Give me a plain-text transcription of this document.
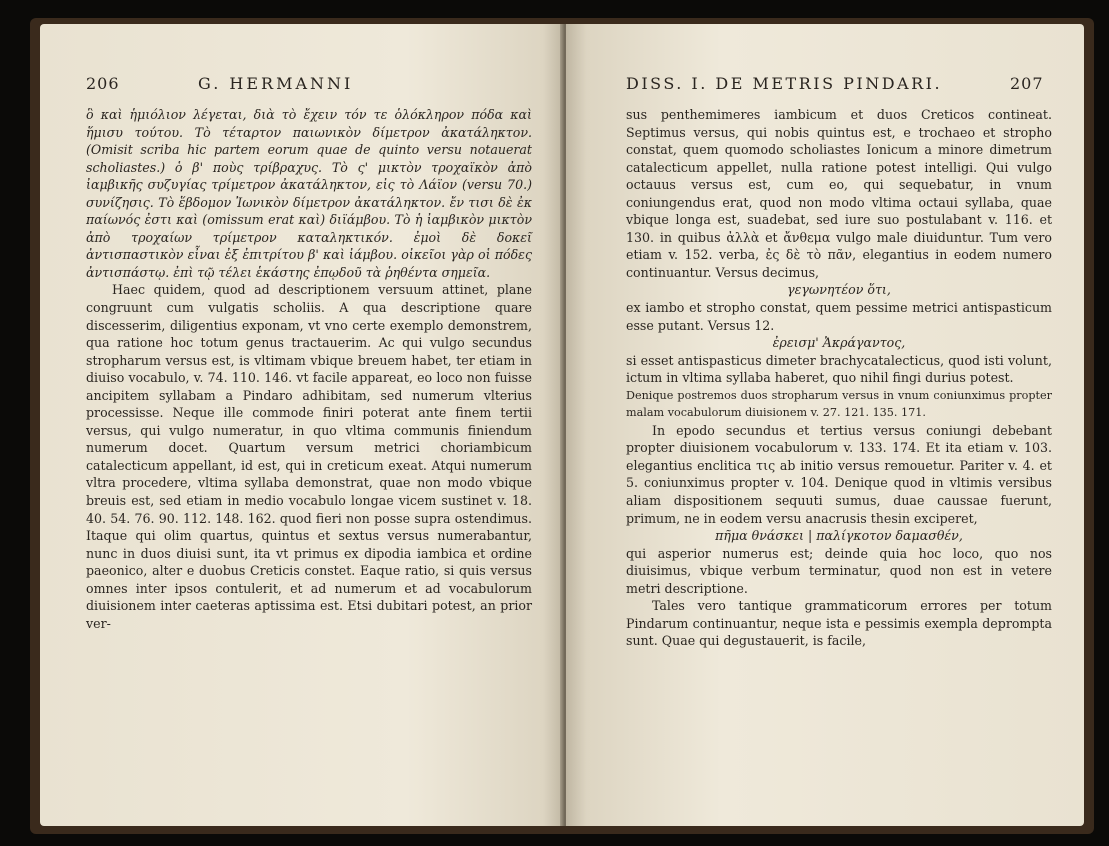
206	G. HERMANNI

ὃ καὶ ἡμιόλιον λέγεται, διὰ τὸ ἔχειν τόν τε ὁλόκληρον πόδα καὶ ἥμισυ τούτου. Τὸ τέταρτον παιωνικὸν δίμετρον ἀκατάληκτον. (Omisit scriba hic partem eorum quae de quinto versu notauerat scholiastes.) ὁ β' ποὺς τρίβραχυς. Τὸ ς' μικτὸν τροχαϊκὸν ἀπὸ ἰαμβικῆς συζυγίας τρίμετρον ἀκατάληκτον, εἰς τὸ Λάϊον (versu 70.) συνίζησις. Τὸ ἕβδομον Ἰωνικὸν δίμετρον ἀκατάληκτον. ἔν τισι δὲ ἐκ παίωνός ἐστι καὶ (omissum erat καὶ) διϊάμβου. Τὸ ἡ ἰαμβικὸν μικτὸν ἀπὸ τροχαίων τρίμετρον καταληκτικόν. ἐμοὶ δὲ δοκεῖ ἀντισπαστικὸν εἶναι ἐξ ἐπιτρίτου β' καὶ ἰάμβου. οἰκεῖοι γὰρ οἱ πόδες ἀντισπάστῳ. ἐπὶ τῷ τέλει ἑκάστης ἐπῳδοῦ τὰ ῥηθέντα σημεῖα.

Haec quidem, quod ad descriptionem versuum attinet, plane congruunt cum vulgatis scholiis. A qua descriptione quare discesserim, diligentius exponam, vt vno certe exemplo demonstrem, qua ratione hoc totum genus tractauerim. Ac qui vulgo secundus stropharum versus est, is vltimam vbique breuem habet, ter etiam in diuiso vocabulo, v. 74. 110. 146. vt facile appareat, eo loco non fuisse ancipitem syllabam a Pindaro adhibitam, sed numerum vlterius processisse. Neque ille commode finiri poterat ante finem tertii versus, qui vulgo numeratur, in quo vltima communis finiendum numerum docet. Quartum versum metrici choriambicum catalecticum appellant, id est, qui in creticum exeat. Atqui numerum vltra procedere, vltima syllaba demonstrat, quae non modo vbique breuis est, sed etiam in medio vocabulo longae vicem sustinet v. 18. 40. 54. 76. 90. 112. 148. 162. quod fieri non posse supra ostendimus. Itaque qui olim quartus, quintus et sextus versus numerabantur, nunc in duos diuisi sunt, ita vt primus ex dipodia iambica et ordine paeonico, alter e duobus Creticis constet. Eaque ratio, si quis versus omnes inter ipsos contulerit, et ad numerum et ad vocabulorum diuisionem inter caeteras aptissima est. Etsi dubitari potest, an prior ver-

DISS. I. DE METRIS PINDARI.	207

sus penthemimeres iambicum et duos Creticos contineat. Septimus versus, qui nobis quintus est, e trochaeo et stropho constat, quem quomodo scholiastes Ionicum a minore dimetrum catalecticum appellet, nulla ratione potest intelligi. Qui vulgo octauus versus est, cum eo, qui sequebatur, in vnum coniungendus erat, quod non modo vltima octaui syllaba, quae vbique longa est, suadebat, sed iure suo postulabant v. 116. et 130. in quibus ἀλλὰ et ἄνθεμα vulgo male diuiduntur. Tum vero etiam v. 152. verba, ἐς δὲ τὸ πᾶν, elegantius in eodem numero continuantur. Versus decimus,

γεγωνητέον ὅτι,

ex iambo et stropho constat, quem pessime metrici antispasticum esse putant. Versus 12.

ἐρεισμ' Ἀκράγαντος,

si esset antispasticus dimeter brachycatalecticus, quod isti volunt, ictum in vltima syllaba haberet, quo nihil fingi durius potest.

Denique postremos duos stropharum versus in vnum coniunximus propter malam vocabulorum diuisionem v. 27. 121. 135. 171.

In epodo secundus et tertius versus coniungi debebant propter diuisionem vocabulorum v. 133. 174. Et ita etiam v. 103. elegantius enclitica τις ab initio versus remouetur. Pariter v. 4. et 5. coniunximus propter v. 104. Denique quod in vltimis versibus aliam dispositionem sequuti sumus, duae caussae fuerunt, primum, ne in eodem versu anacrusis thesin exciperet,

πῆμα θνάσκει | παλίγκοτον δαμασθέν,

qui asperior numerus est; deinde quia hoc loco, quo nos diuisimus, vbique verbum terminatur, quod non est in vetere metri descriptione.

Tales vero tantique grammaticorum errores per totum Pindarum continuantur, neque ista e pessimis exempla deprompta sunt. Quae qui degustauerit, is facile,
